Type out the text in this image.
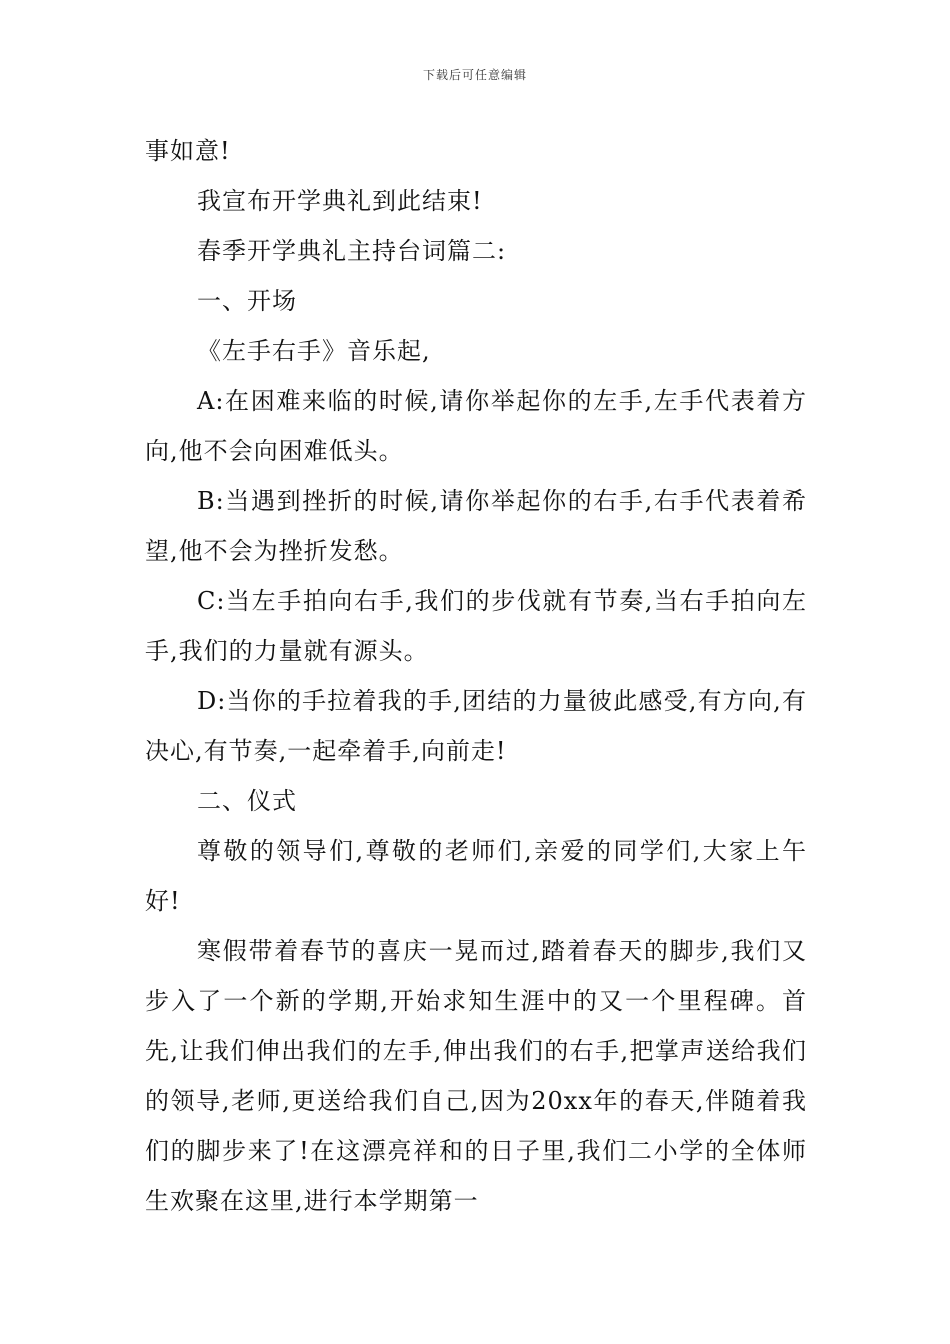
下载后可任意编辑

事如意!

我宣布开学典礼到此结束!

春季开学典礼主持台词篇二:

一、开场

《左手右手》音乐起,

A:在困难来临的时候,请你举起你的左手,左手代表着方向,他不会向困难低头。

B:当遇到挫折的时候,请你举起你的右手,右手代表着希望,他不会为挫折发愁。

C:当左手拍向右手,我们的步伐就有节奏,当右手拍向左手,我们的力量就有源头。

D:当你的手拉着我的手,团结的力量彼此感受,有方向,有决心,有节奏,一起牵着手,向前走!

二、仪式

尊敬的领导们,尊敬的老师们,亲爱的同学们,大家上午好!

寒假带着春节的喜庆一晃而过,踏着春天的脚步,我们又步入了一个新的学期,开始求知生涯中的又一个里程碑。首先,让我们伸出我们的左手,伸出我们的右手,把掌声送给我们的领导,老师,更送给我们自己,因为20xx年的春天,伴随着我们的脚步来了!在这漂亮祥和的日子里,我们二小学的全体师生欢聚在这里,进行本学期第一
